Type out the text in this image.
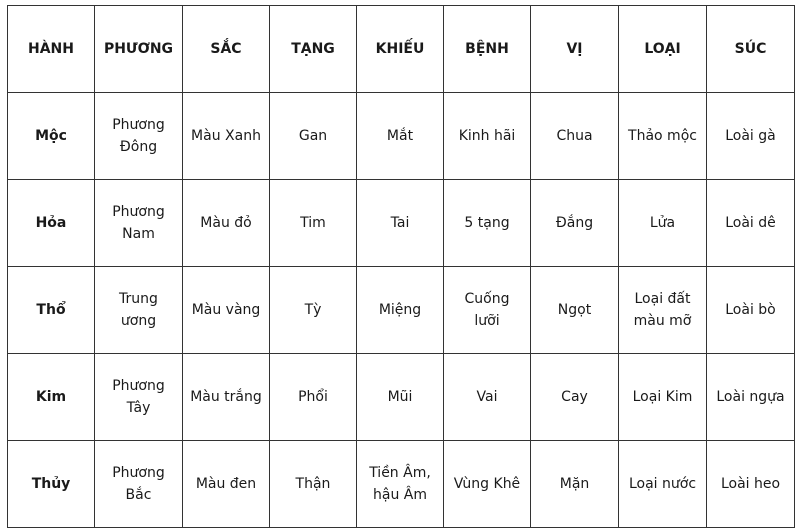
HÀNH	PHƯƠNG	SẮC	TẠNG	KHIẾU	BỆNH	VỊ	LOẠI	SÚC
Mộc	Phương Đông	Màu Xanh	Gan	Mắt	Kinh hãi	Chua	Thảo mộc	Loài gà
Hỏa	Phương Nam	Màu đỏ	Tim	Tai	5 tạng	Đắng	Lửa	Loài dê
Thổ	Trung ương	Màu vàng	Tỳ	Miệng	Cuống lưỡi	Ngọt	Loại đất màu mỡ	Loài bò
Kim	Phương Tây	Màu trắng	Phổi	Mũi	Vai	Cay	Loại Kim	Loài ngựa
Thủy	Phương Bắc	Màu đen	Thận	Tiền Âm, hậu Âm	Vùng Khê	Mặn	Loại nước	Loài heo
